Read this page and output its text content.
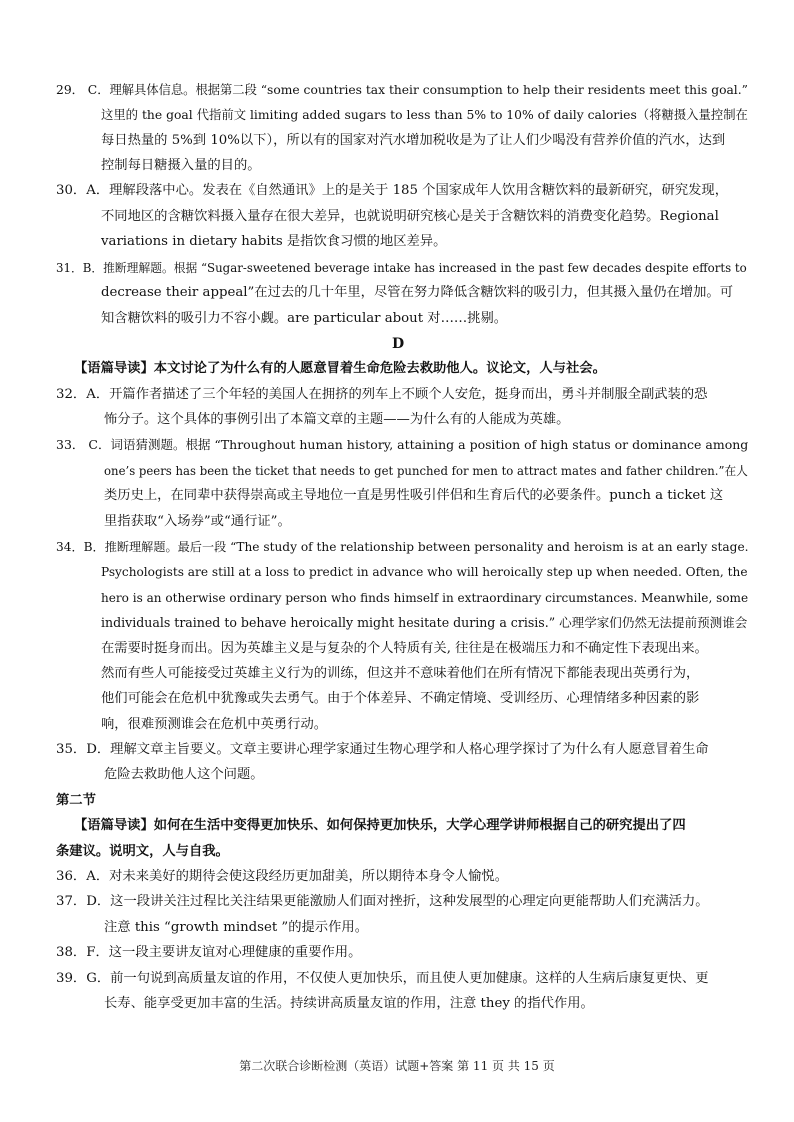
29． C．理解具体信息。根据第二段 “some countries tax their consumption to help their residents meet this goal.”
这里的 the goal 代指前文 limiting added sugars to less than 5% to 10% of daily calories（将糖摄入量控制在
每日热量的 5%到 10%以下），所以有的国家对汽水增加税收是为了让人们少喝没有营养价值的汽水，达到
控制每日糖摄入量的目的。
30．A．理解段落中心。发表在《自然通讯》上的是关于 185 个国家成年人饮用含糖饮料的最新研究，研究发现，
不同地区的含糖饮料摄入量存在很大差异，也就说明研究核心是关于含糖饮料的消费变化趋势。Regional
variations in dietary habits 是指饮食习惯的地区差异。
31．B．推断理解题。根据 “Sugar-sweetened beverage intake has increased in the past few decades despite efforts to
decrease their appeal”在过去的几十年里，尽管在努力降低含糖饮料的吸引力，但其摄入量仍在增加。可
知含糖饮料的吸引力不容小觑。are particular about 对……挑剔。
D
【语篇导读】本文讨论了为什么有的人愿意冒着生命危险去救助他人。议论文，人与社会。
32．A．开篇作者描述了三个年轻的美国人在拥挤的列车上不顾个人安危，挺身而出，勇斗并制服全副武装的恐
怖分子。这个具体的事例引出了本篇文章的主题——为什么有的人能成为英雄。
33． C．词语猜测题。根据 “Throughout human history, attaining a position of high status or dominance among
one’s peers has been the ticket that needs to get punched for men to attract mates and father children.”在人
类历史上，在同辈中获得崇高或主导地位一直是男性吸引伴侣和生育后代的必要条件。punch a ticket 这
里指获取“入场券”或“通行证”。
34．B．推断理解题。最后一段 “The study of the relationship between personality and heroism is at an early stage.
Psychologists are still at a loss to predict in advance who will heroically step up when needed. Often, the
hero is an otherwise ordinary person who finds himself in extraordinary circumstances. Meanwhile, some
individuals trained to behave heroically might hesitate during a crisis.” 心理学家们仍然无法提前预测谁会
在需要时挺身而出。因为英雄主义是与复杂的个人特质有关, 往往是在极端压力和不确定性下表现出来。
然而有些人可能接受过英雄主义行为的训练，但这并不意味着他们在所有情况下都能表现出英勇行为，
他们可能会在危机中犹豫或失去勇气。由于个体差异、不确定情境、受训经历、心理情绪多种因素的影
响，很难预测谁会在危机中英勇行动。
35．D．理解文章主旨要义。文章主要讲心理学家通过生物心理学和人格心理学探讨了为什么有人愿意冒着生命
危险去救助他人这个问题。
第二节
【语篇导读】如何在生活中变得更加快乐、如何保持更加快乐，大学心理学讲师根据自己的研究提出了四
条建议。说明文，人与自我。
36．A．对未来美好的期待会使这段经历更加甜美，所以期待本身令人愉悦。
37．D．这一段讲关注过程比关注结果更能激励人们面对挫折，这种发展型的心理定向更能帮助人们充满活力。
注意 this “growth mindset ”的提示作用。
38．F．这一段主要讲友谊对心理健康的重要作用。
39．G．前一句说到高质量友谊的作用，不仅使人更加快乐，而且使人更加健康。这样的人生病后康复更快、更
长寿、能享受更加丰富的生活。持续讲高质量友谊的作用，注意 they 的指代作用。
第二次联合诊断检测（英语）试题+答案 第 11 页 共 15 页
